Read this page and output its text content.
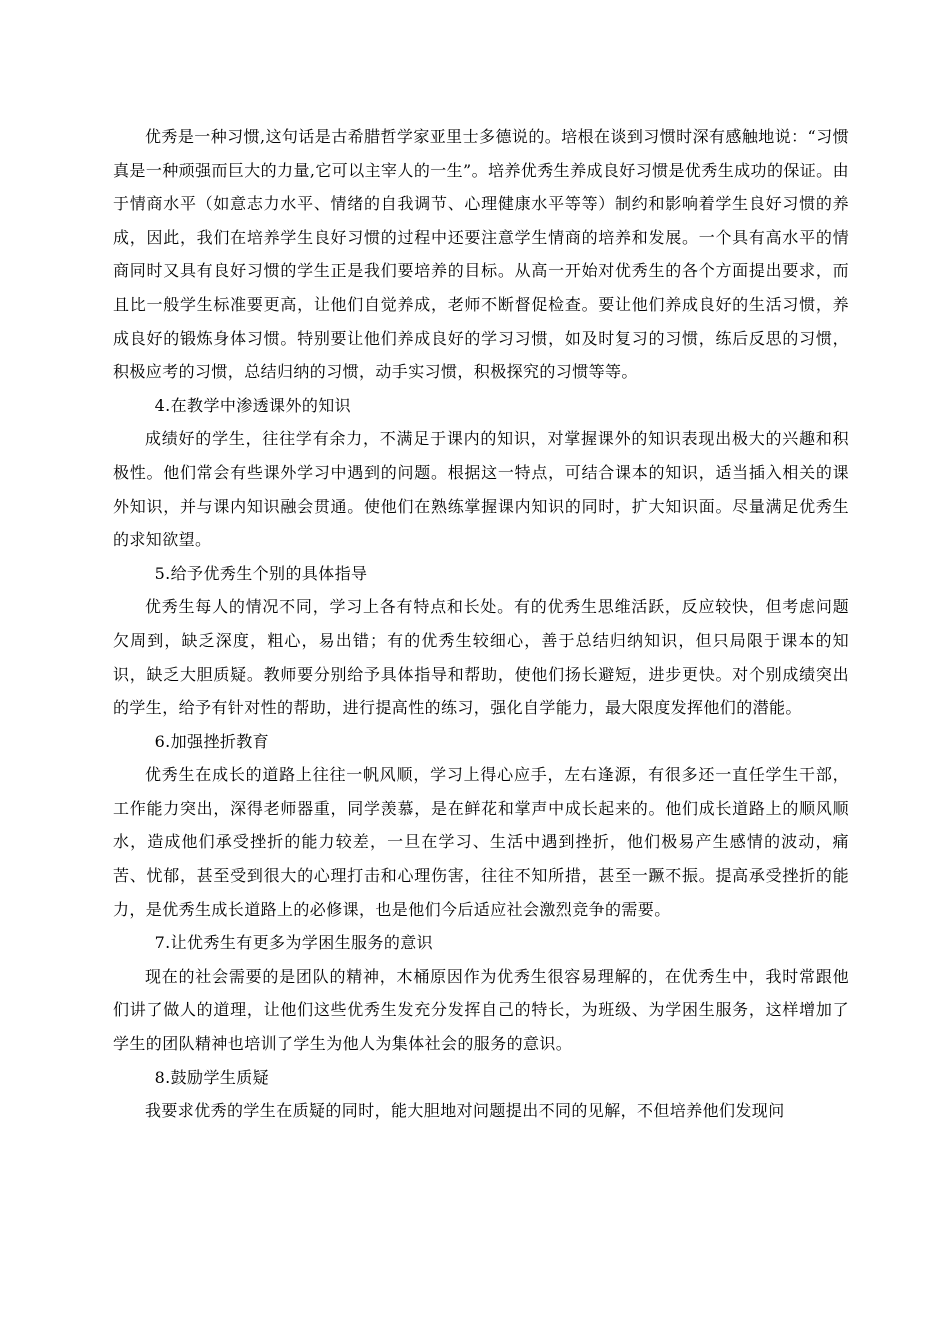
优秀是一种习惯,这句话是古希腊哲学家亚里士多德说的。培根在谈到习惯时深有感触地说：“习惯真是一种顽强而巨大的力量,它可以主宰人的一生”。培养优秀生养成良好习惯是优秀生成功的保证。由于情商水平（如意志力水平、情绪的自我调节、心理健康水平等等）制约和影响着学生良好习惯的养成，因此，我们在培养学生良好习惯的过程中还要注意学生情商的培养和发展。一个具有高水平的情商同时又具有良好习惯的学生正是我们要培养的目标。从高一开始对优秀生的各个方面提出要求，而且比一般学生标准要更高，让他们自觉养成，老师不断督促检查。要让他们养成良好的生活习惯，养成良好的锻炼身体习惯。特别要让他们养成良好的学习习惯，如及时复习的习惯，练后反思的习惯，积极应考的习惯，总结归纳的习惯，动手实习惯，积极探究的习惯等等。

4.在教学中渗透课外的知识

成绩好的学生，往往学有余力，不满足于课内的知识，对掌握课外的知识表现出极大的兴趣和积极性。他们常会有些课外学习中遇到的问题。根据这一特点，可结合课本的知识，适当插入相关的课外知识，并与课内知识融会贯通。使他们在熟练掌握课内知识的同时，扩大知识面。尽量满足优秀生的求知欲望。

5.给予优秀生个别的具体指导

优秀生每人的情况不同，学习上各有特点和长处。有的优秀生思维活跃，反应较快，但考虑问题欠周到，缺乏深度，粗心，易出错；有的优秀生较细心，善于总结归纳知识，但只局限于课本的知识，缺乏大胆质疑。教师要分别给予具体指导和帮助，使他们扬长避短，进步更快。对个别成绩突出的学生，给予有针对性的帮助，进行提高性的练习，强化自学能力，最大限度发挥他们的潜能。

6.加强挫折教育

优秀生在成长的道路上往往一帆风顺，学习上得心应手，左右逢源，有很多还一直任学生干部，工作能力突出，深得老师器重，同学羡慕，是在鲜花和掌声中成长起来的。他们成长道路上的顺风顺水，造成他们承受挫折的能力较差，一旦在学习、生活中遇到挫折，他们极易产生感情的波动，痛苦、忧郁，甚至受到很大的心理打击和心理伤害，往往不知所措，甚至一蹶不振。提高承受挫折的能力，是优秀生成长道路上的必修课，也是他们今后适应社会激烈竞争的需要。

7.让优秀生有更多为学困生服务的意识

现在的社会需要的是团队的精神，木桶原因作为优秀生很容易理解的，在优秀生中，我时常跟他们讲了做人的道理，让他们这些优秀生发充分发挥自己的特长，为班级、为学困生服务，这样增加了学生的团队精神也培训了学生为他人为集体社会的服务的意识。

8.鼓励学生质疑

我要求优秀的学生在质疑的同时，能大胆地对问题提出不同的见解，不但培养他们发现问
